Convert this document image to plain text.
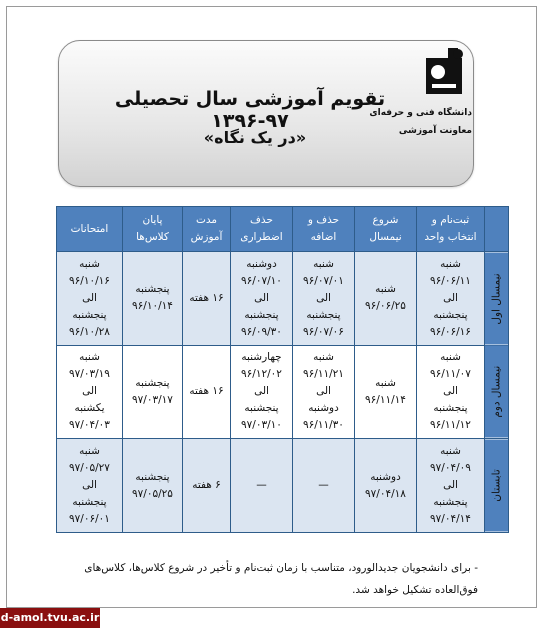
دانشگاه فنی و حرفه‌ای
معاونت آموزشی
تقویم آموزشی سال تحصیلی ۹۷-۱۳۹۶
«در یک نگاه»
	ثبت‌نام و
انتخاب واحد	شروع
نیمسال	حذف و
اضافه	حذف
اضطراری	مدت
آموزش	پایان
کلاس‌ها	امتحانات
نیمسال اول	شنبه
۹۶/۰۶/۱۱
الی
پنجشنبه
۹۶/۰۶/۱۶	شنبه
۹۶/۰۶/۲۵	شنبه
۹۶/۰۷/۰۱
الی
پنجشنبه
۹۶/۰۷/۰۶	دوشنبه
۹۶/۰۷/۱۰
الی
پنجشنبه
۹۶/۰۹/۳۰	۱۶ هفته	پنجشنبه
۹۶/۱۰/۱۴	شنبه
۹۶/۱۰/۱۶
الی
پنجشنبه
۹۶/۱۰/۲۸
نیمسال دوم	شنبه
۹۶/۱۱/۰۷
الی
پنجشنبه
۹۶/۱۱/۱۲	شنبه
۹۶/۱۱/۱۴	شنبه
۹۶/۱۱/۲۱
الی
دوشنبه
۹۶/۱۱/۳۰	چهارشنبه
۹۶/۱۲/۰۲
الی
پنجشنبه
۹۷/۰۳/۱۰	۱۶ هفته	پنجشنبه
۹۷/۰۳/۱۷	شنبه
۹۷/۰۳/۱۹
الی
یکشنبه
۹۷/۰۴/۰۳
تابستان	شنبه
۹۷/۰۴/۰۹
الی
پنجشنبه
۹۷/۰۴/۱۴	دوشنبه
۹۷/۰۴/۱۸	—	—	۶ هفته	پنجشنبه
۹۷/۰۵/۲۵	شنبه
۹۷/۰۵/۲۷
الی
پنجشنبه
۹۷/۰۶/۰۱
- برای دانشجویان جدیدالورود، متناسب با زمان ثبت‌نام و تأخیر در شروع کلاس‌ها، کلاس‌های فوق‌العاده تشکیل خواهد شد.
d-amol.tvu.ac.ir
